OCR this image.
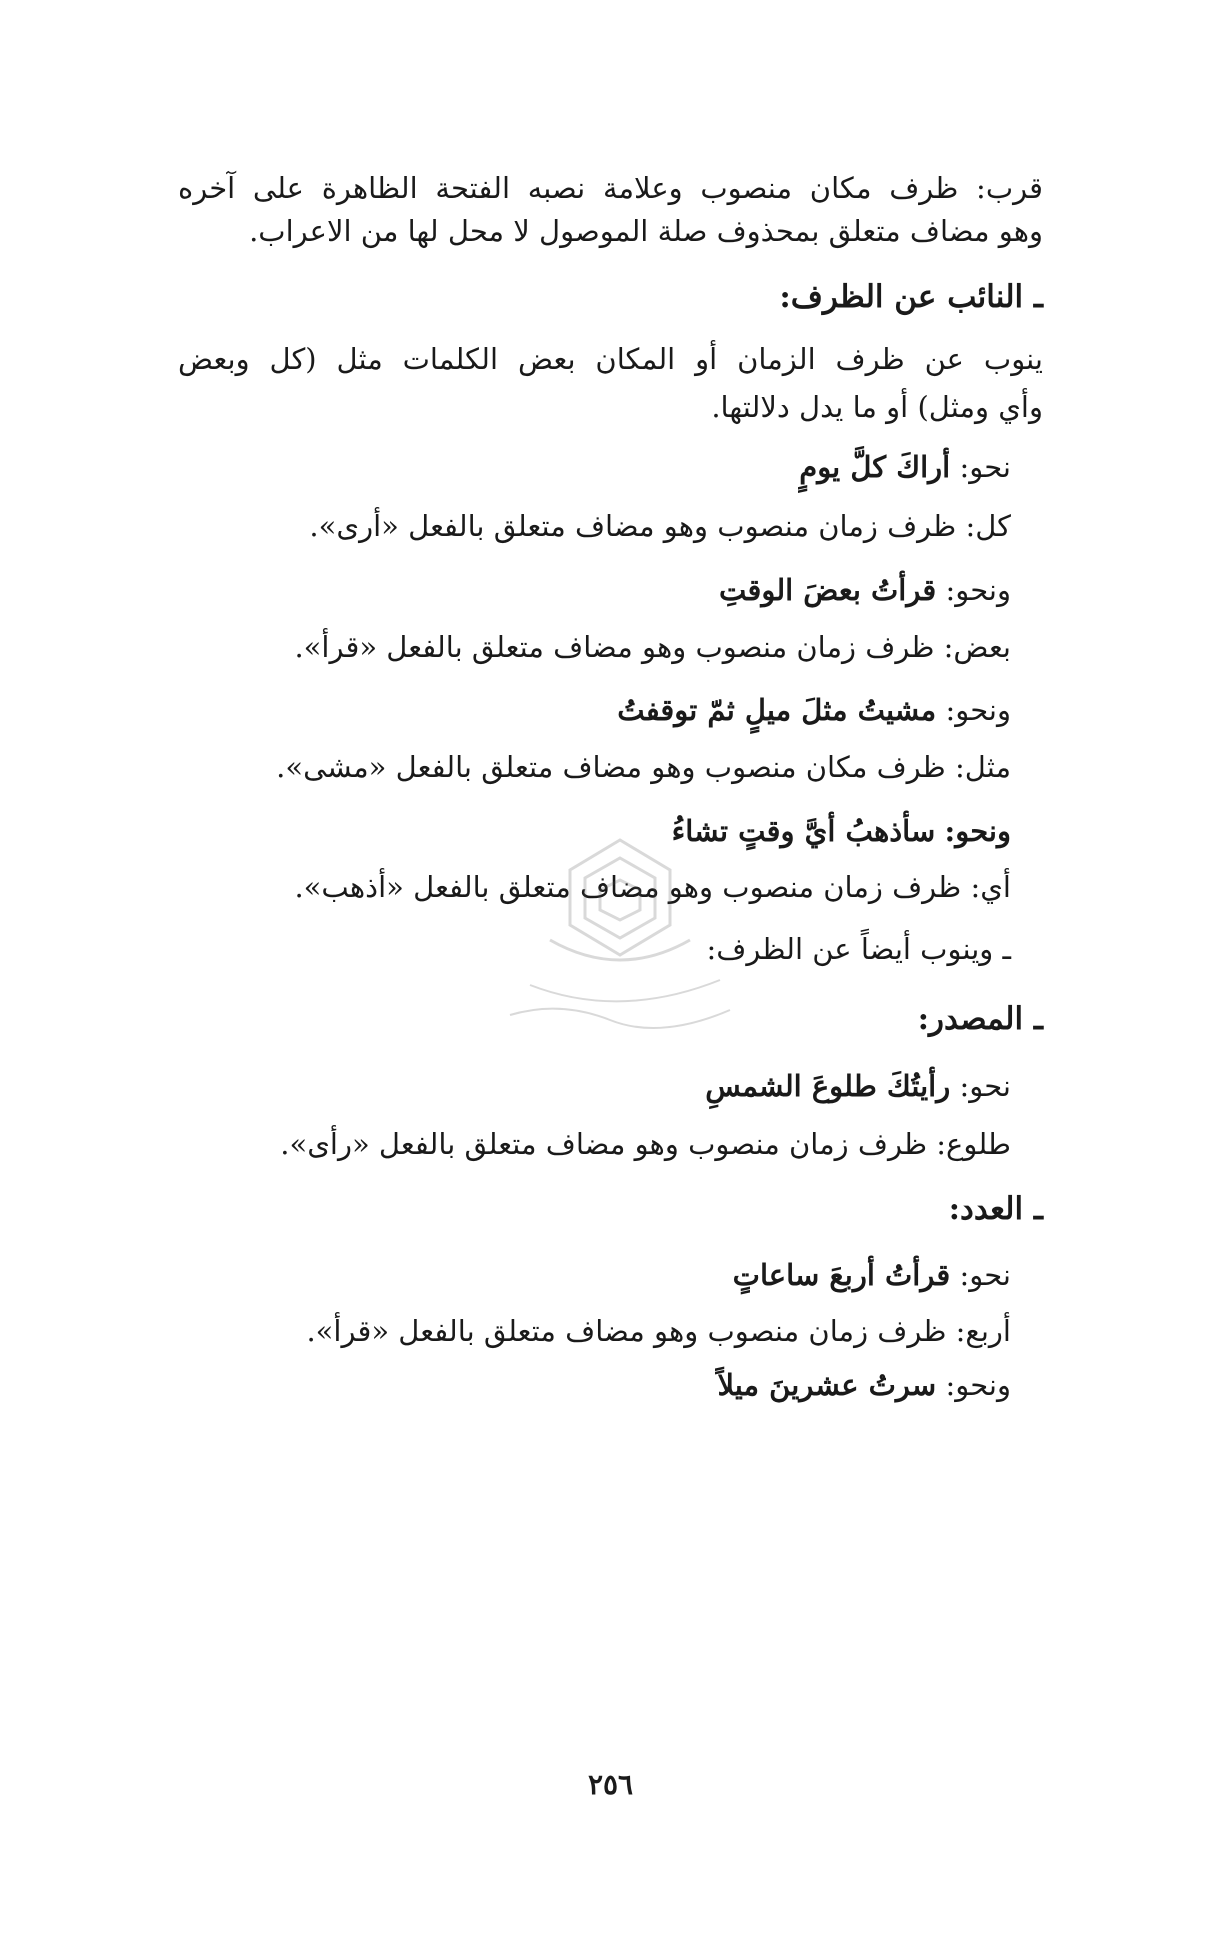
قرب: ظرف مكان منصوب وعلامة نصبه الفتحة الظاهرة على آخره
وهو مضاف متعلق بمحذوف صلة الموصول لا محل لها من الاعراب.
ـ النائب عن الظرف:
ينوب عن ظرف الزمان أو المكان بعض الكلمات مثل (كل وبعض
وأي ومثل) أو ما يدل دلالتها.
نحو: أراكَ كلَّ يومٍ
كل: ظرف زمان منصوب وهو مضاف متعلق بالفعل «أرى».
ونحو: قرأتُ بعضَ الوقتِ
بعض: ظرف زمان منصوب وهو مضاف متعلق بالفعل «قرأ».
ونحو: مشيتُ مثلَ ميلٍ ثمّ توقفتُ
مثل: ظرف مكان منصوب وهو مضاف متعلق بالفعل «مشى».
ونحو: سأذهبُ أيَّ وقتٍ تشاءُ
أي: ظرف زمان منصوب وهو مضاف متعلق بالفعل «أذهب».
ـ وينوب أيضاً عن الظرف:
ـ المصدر:
نحو: رأيتُكَ طلوعَ الشمسِ
طلوع: ظرف زمان منصوب وهو مضاف متعلق بالفعل «رأى».
ـ العدد:
نحو: قرأتُ أربعَ ساعاتٍ
أربع: ظرف زمان منصوب وهو مضاف متعلق بالفعل «قرأ».
ونحو: سرتُ عشرينَ ميلاً
٢٥٦
